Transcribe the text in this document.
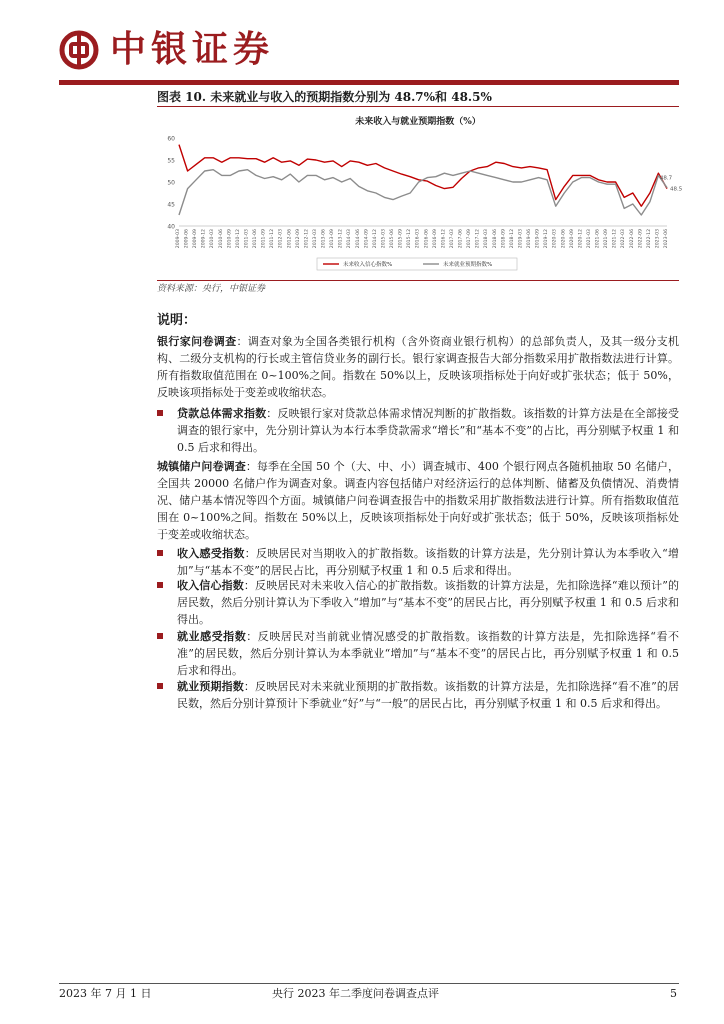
中银证券
图表 10. 未来就业与收入的预期指数分别为 48.7%和 48.5%
未来收入与就业预期指数（%）
40
45
50
55
60
2009-03 2009-06 2009-09 2009-12 2010-03 2010-06 2010-09 2010-12 2011-03 2011-06 2011-09 2011-12 2012-03 2012-06 2012-09 2012-12 2013-03 2013-06 2013-09 2013-12 2014-03 2014-06 2014-09 2014-12 2015-03 2015-06 2015-09 2015-12 2016-03 2016-06 2016-09 2016-12 2017-03 2017-06 2017-09 2017-12 2018-03 2018-06 2018-09 2018-12 2019-03 2019-06 2019-09 2019-12 2020-03 2020-06 2020-09 2020-12 2021-03 2021-06 2021-09 2021-12 2022-03 2022-06 2022-09 2022-12 2023-03 2023-06
48.7
48.5
未来收入信心指数%	未来就业预期指数%
资料来源：央行，中银证券
说明：
银行家问卷调查：调查对象为全国各类银行机构（含外资商业银行机构）的总部负责人，及其一级分支机构、二级分支机构的行长或主管信贷业务的副行长。银行家调查报告大部分指数采用扩散指数法进行计算。所有指数取值范围在 0~100%之间。指数在 50%以上，反映该项指标处于向好或扩张状态；低于 50%，反映该项指标处于变差或收缩状态。
贷款总体需求指数：反映银行家对贷款总体需求情况判断的扩散指数。该指数的计算方法是在全部接受调查的银行家中，先分别计算认为本行本季贷款需求“增长”和“基本不变”的占比，再分别赋予权重 1 和 0.5 后求和得出。
城镇储户问卷调查：每季在全国 50 个（大、中、小）调查城市、400 个银行网点各随机抽取 50 名储户，全国共 20000 名储户作为调查对象。调查内容包括储户对经济运行的总体判断、储蓄及负债情况、消费情况、储户基本情况等四个方面。城镇储户问卷调查报告中的指数采用扩散指数法进行计算。所有指数取值范围在 0~100%之间。指数在 50%以上，反映该项指标处于向好或扩张状态；低于 50%，反映该项指标处于变差或收缩状态。
收入感受指数：反映居民对当期收入的扩散指数。该指数的计算方法是，先分别计算认为本季收入“增加”与“基本不变”的居民占比，再分别赋予权重 1 和 0.5 后求和得出。
收入信心指数：反映居民对未来收入信心的扩散指数。该指数的计算方法是，先扣除选择“难以预计”的居民数，然后分别计算认为下季收入“增加”与“基本不变”的居民占比，再分别赋予权重 1 和 0.5 后求和得出。
就业感受指数：反映居民对当前就业情况感受的扩散指数。该指数的计算方法是，先扣除选择“看不准”的居民数，然后分别计算认为本季就业“增加”与“基本不变”的居民占比，再分别赋予权重 1 和 0.5 后求和得出。
就业预期指数：反映居民对未来就业预期的扩散指数。该指数的计算方法是，先扣除选择“看不准”的居民数，然后分别计算预计下季就业“好”与“一般”的居民占比，再分别赋予权重 1 和 0.5 后求和得出。
2023 年 7 月 1 日	央行 2023 年二季度问卷调查点评	5
